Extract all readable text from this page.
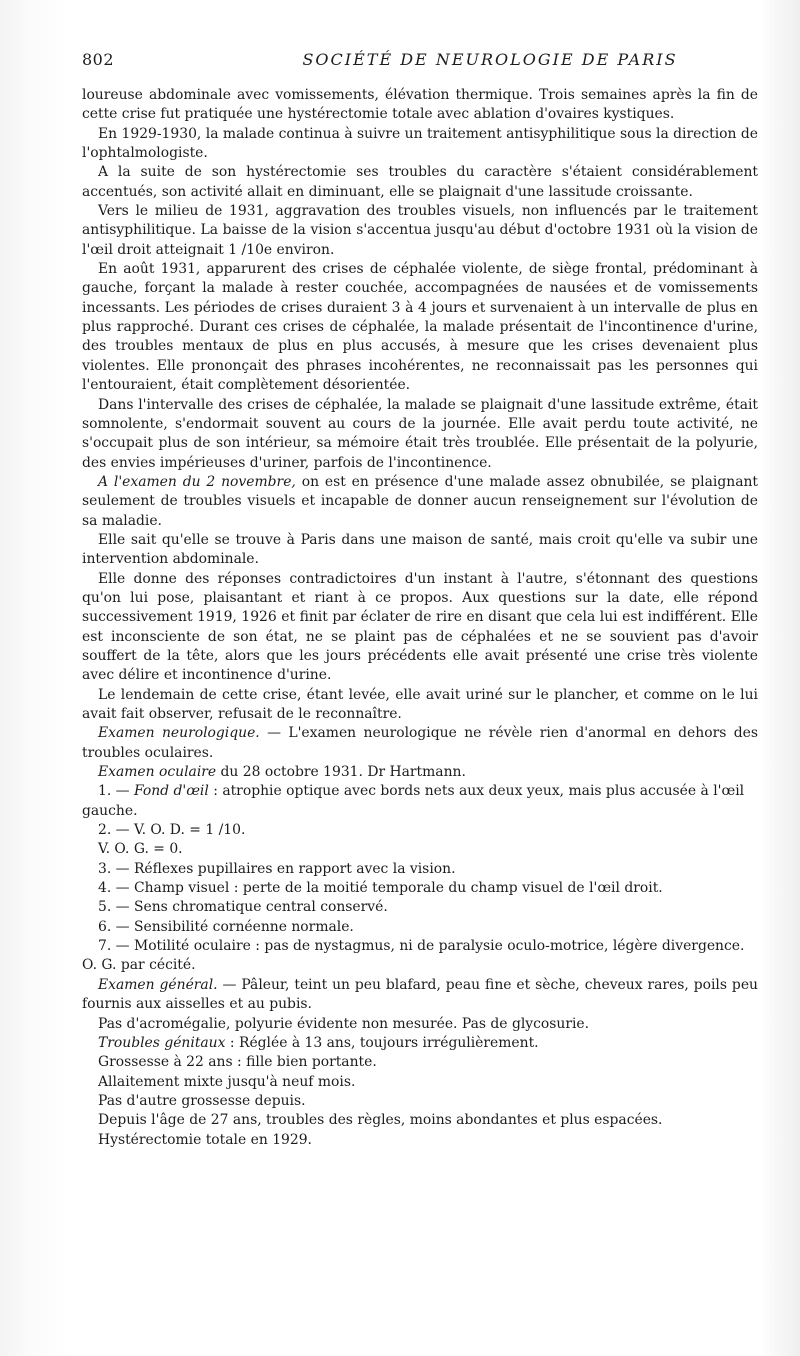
802	SOCIÉTÉ DE NEUROLOGIE DE PARIS

loureuse abdominale avec vomissements, élévation thermique. Trois semaines après la fin de cette crise fut pratiquée une hystérectomie totale avec ablation d'ovaires kystiques.

En 1929-1930, la malade continua à suivre un traitement antisyphilitique sous la direction de l'ophtalmologiste.

A la suite de son hystérectomie ses troubles du caractère s'étaient considérablement accentués, son activité allait en diminuant, elle se plaignait d'une lassitude croissante.

Vers le milieu de 1931, aggravation des troubles visuels, non influencés par le traitement antisyphilitique. La baisse de la vision s'accentua jusqu'au début d'octobre 1931 où la vision de l'œil droit atteignait 1 /10e environ.

En août 1931, apparurent des crises de céphalée violente, de siège frontal, prédominant à gauche, forçant la malade à rester couchée, accompagnées de nausées et de vomissements incessants. Les périodes de crises duraient 3 à 4 jours et survenaient à un intervalle de plus en plus rapproché. Durant ces crises de céphalée, la malade présentait de l'incontinence d'urine, des troubles mentaux de plus en plus accusés, à mesure que les crises devenaient plus violentes. Elle prononçait des phrases incohérentes, ne reconnaissait pas les personnes qui l'entouraient, était complètement désorientée.

Dans l'intervalle des crises de céphalée, la malade se plaignait d'une lassitude extrême, était somnolente, s'endormait souvent au cours de la journée. Elle avait perdu toute activité, ne s'occupait plus de son intérieur, sa mémoire était très troublée. Elle présentait de la polyurie, des envies impérieuses d'uriner, parfois de l'incontinence.

A l'examen du 2 novembre, on est en présence d'une malade assez obnubilée, se plaignant seulement de troubles visuels et incapable de donner aucun renseignement sur l'évolution de sa maladie.

Elle sait qu'elle se trouve à Paris dans une maison de santé, mais croit qu'elle va subir une intervention abdominale.

Elle donne des réponses contradictoires d'un instant à l'autre, s'étonnant des questions qu'on lui pose, plaisantant et riant à ce propos. Aux questions sur la date, elle répond successivement 1919, 1926 et finit par éclater de rire en disant que cela lui est indifférent. Elle est inconsciente de son état, ne se plaint pas de céphalées et ne se souvient pas d'avoir souffert de la tête, alors que les jours précédents elle avait présenté une crise très violente avec délire et incontinence d'urine.

Le lendemain de cette crise, étant levée, elle avait uriné sur le plancher, et comme on le lui avait fait observer, refusait de le reconnaître.

Examen neurologique. — L'examen neurologique ne révèle rien d'anormal en dehors des troubles oculaires.

Examen oculaire du 28 octobre 1931. Dr Hartmann.

1. — Fond d'œil : atrophie optique avec bords nets aux deux yeux, mais plus accusée à l'œil gauche.

2. — V. O. D. = 1 /10.

V. O. G. = 0.

3. — Réflexes pupillaires en rapport avec la vision.

4. — Champ visuel : perte de la moitié temporale du champ visuel de l'œil droit.

5. — Sens chromatique central conservé.

6. — Sensibilité cornéenne normale.

7. — Motilité oculaire : pas de nystagmus, ni de paralysie oculo-motrice, légère divergence. O. G. par cécité.

Examen général. — Pâleur, teint un peu blafard, peau fine et sèche, cheveux rares, poils peu fournis aux aisselles et au pubis.

Pas d'acromégalie, polyurie évidente non mesurée. Pas de glycosurie.

Troubles génitaux : Réglée à 13 ans, toujours irrégulièrement.

Grossesse à 22 ans : fille bien portante.

Allaitement mixte jusqu'à neuf mois.

Pas d'autre grossesse depuis.

Depuis l'âge de 27 ans, troubles des règles, moins abondantes et plus espacées.

Hystérectomie totale en 1929.
